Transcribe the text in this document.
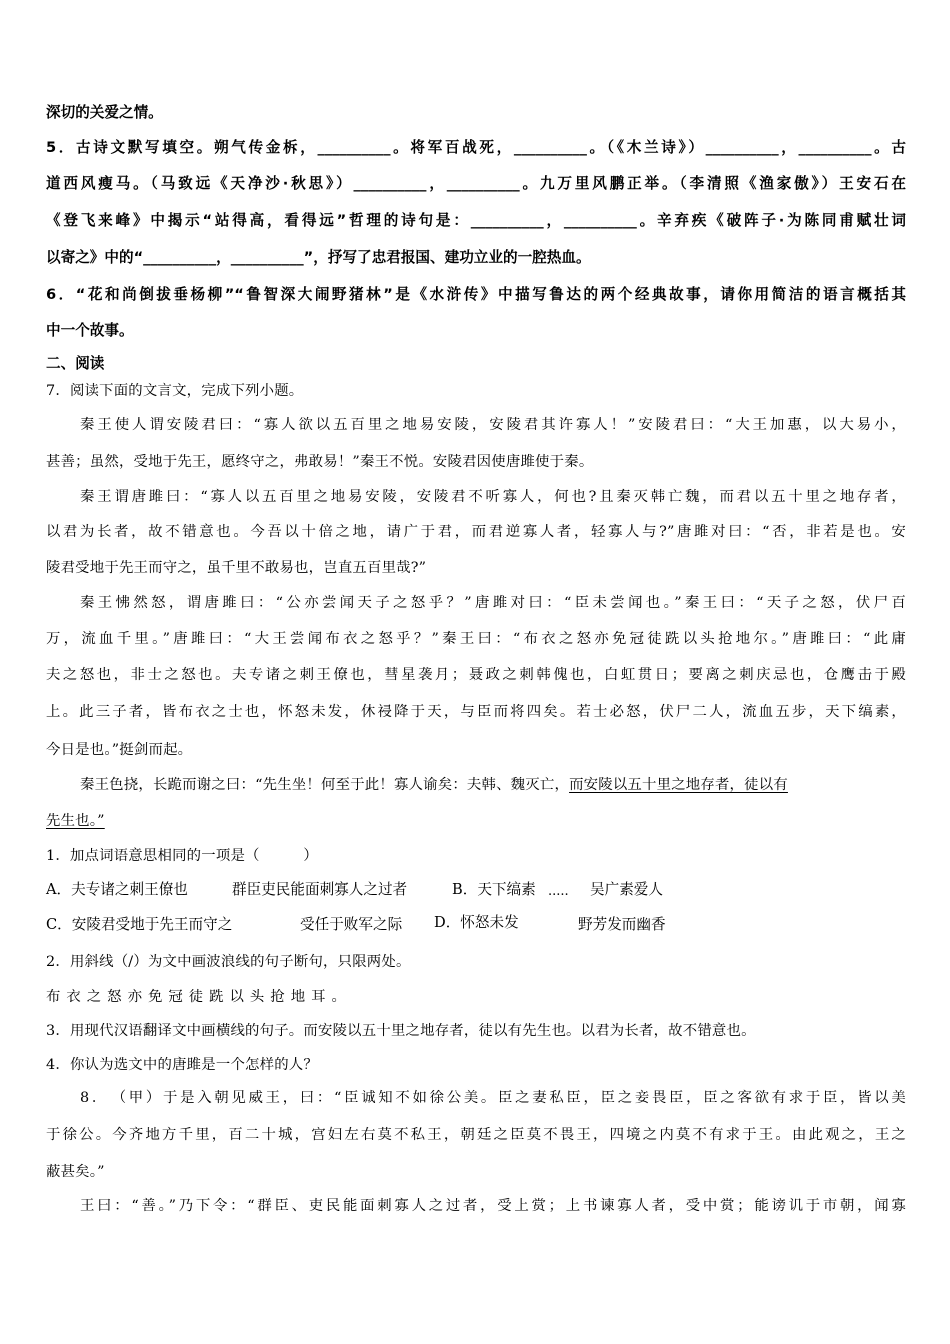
深切的关爱之情。
5．古诗文默写填空。朔气传金柝，__________。将军百战死，__________。（《木兰诗》）__________，__________。古
道西风瘦马。（马致远《天净沙·秋思》）__________，__________。九万里风鹏正举。（李清照《渔家傲》）王安石在
《登飞来峰》中揭示“站得高，看得远”哲理的诗句是：__________，__________。辛弃疾《破阵子·为陈同甫赋壮词
以寄之》中的“__________，__________”，抒写了忠君报国、建功立业的一腔热血。
6．“花和尚倒拔垂杨柳”“鲁智深大闹野猪林”是《水浒传》中描写鲁达的两个经典故事，请你用简洁的语言概括其
中一个故事。
二、阅读
7．阅读下面的文言文，完成下列小题。
秦王使人谓安陵君曰：“寡人欲以五百里之地易安陵，安陵君其许寡人！”安陵君曰：“大王加惠，以大易小，
甚善；虽然，受地于先王，愿终守之，弗敢易！”秦王不悦。安陵君因使唐雎使于秦。
秦王谓唐雎曰：“寡人以五百里之地易安陵，安陵君不听寡人，何也?且秦灭韩亡魏，而君以五十里之地存者，
以君为长者，故不错意也。今吾以十倍之地，请广于君，而君逆寡人者，轻寡人与?”唐雎对曰：“否，非若是也。安
陵君受地于先王而守之，虽千里不敢易也，岂直五百里哉?”
秦王怫然怒，谓唐雎曰：“公亦尝闻天子之怒乎？”唐雎对曰：“臣未尝闻也。”秦王曰：“天子之怒，伏尸百
万，流血千里。”唐雎曰：“大王尝闻布衣之怒乎？”秦王曰：“布衣之怒亦免冠徒跣以头抢地尔。”唐雎曰：“此庸
夫之怒也，非士之怒也。夫专诸之刺王僚也，彗星袭月；聂政之刺韩傀也，白虹贯日；要离之刺庆忌也，仓鹰击于殿
上。此三子者，皆布衣之士也，怀怒未发，休祲降于天，与臣而将四矣。若士必怒，伏尸二人，流血五步，天下缟素，
今日是也。”挺剑而起。
秦王色挠，长跪而谢之曰：“先生坐！何至于此！寡人谕矣：夫韩、魏灭亡，而安陵以五十里之地存者，徒以有
先生也。”
1．加点词语意思相同的一项是（　　　）
A．夫专诸之刺王僚也	群臣吏民能面刺寡人之过者	B．天下缟素 ..... 吴广素爱人
C．安陵君受地于先王而守之	受任于败军之际 D．怀怒未发	野芳发而幽香
2．用斜线（/）为文中画波浪线的句子断句，只限两处。
布衣之怒亦免冠徒跣以头抢地耳。
3．用现代汉语翻译文中画横线的句子。而安陵以五十里之地存者，徒以有先生也。以君为长者，故不错意也。
4．你认为选文中的唐雎是一个怎样的人？
8．　（甲）于是入朝见威王，曰：“臣诚知不如徐公美。臣之妻私臣，臣之妾畏臣，臣之客欲有求于臣，皆以美
于徐公。今齐地方千里，百二十城，宫妇左右莫不私王，朝廷之臣莫不畏王，四境之内莫不有求于王。由此观之，王之
蔽甚矣。”
王曰：“善。”乃下令：“群臣、吏民能面刺寡人之过者，受上赏；上书谏寡人者，受中赏；能谤讥于市朝，闻寡
